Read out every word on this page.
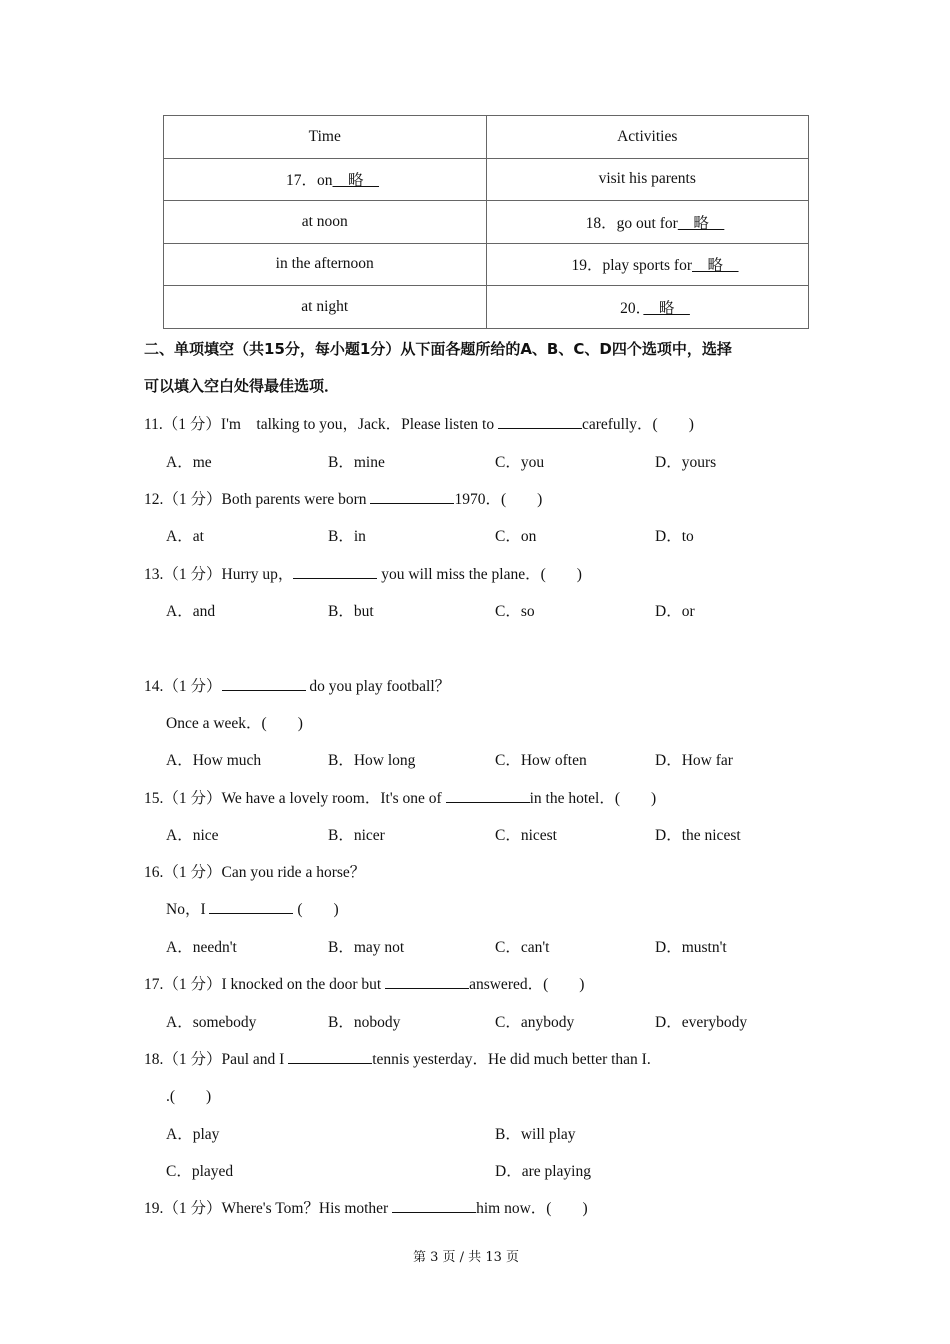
Time	Activities
17．on　略　	visit his parents
at noon	18．go out for　略　
in the afternoon	19．play sports for　略　
at night	20．　略　
二、单项填空（共15分，每小题1分）从下面各题所给的A、B、C、D四个选项中，选择
可以填入空白处得最佳选项．
11.（1 分）I'm　talking to you，Jack．Please listen to	carefully．(　　)
A．me	B．mine	C．you	D．yours
12.（1 分）Both parents were born	1970．(　　)
A．at	B．in	C．on	D．to
13.（1 分）Hurry up，	you will miss the plane．(　　)
A．and	B．but	C．so	D．or
14.（1 分）	do you play football？
Once a week．(　　)
A．How much	B．How long	C．How often	D．How far
15.（1 分）We have a lovely room．It's one of	in the hotel．(　　)
A．nice	B．nicer	C．nicest	D．the nicest
16.（1 分）Can you ride a horse？
No，I	(　　)
A．needn't	B．may not	C．can't	D．mustn't
17.（1 分）I knocked on the door but	answered．(　　)
A．somebody	B．nobody	C．anybody	D．everybody
18.（1 分）Paul and I	tennis yesterday．He did much better than I.
.(　　)
A．play	B．will play
C．played	D．are playing
19.（1 分）Where's Tom？His mother	him now．(　　)
第 3 页 / 共 13 页
